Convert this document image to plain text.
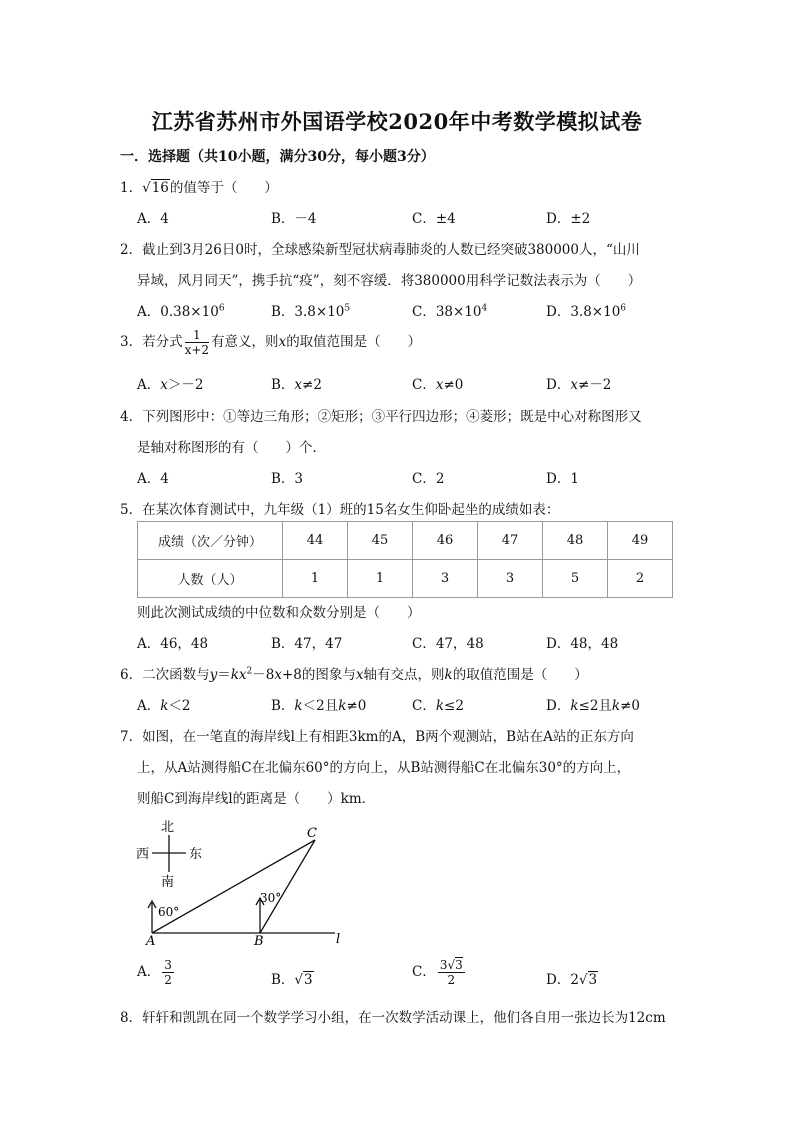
江苏省苏州市外国语学校2020年中考数学模拟试卷
一．选择题（共10小题，满分30分，每小题3分）
1．√16的值等于（　　）
A．4	B．－4	C．±4	D．±2
2．截止到3月26日0时，全球感染新型冠状病毒肺炎的人数已经突破380000人，“山川
异域，风月同天”，携手抗“疫”，刻不容缓．将380000用科学记数法表示为（　　）
A．$0.38\times 10^6$	B．$3.8\times 10^5$	C．$38\times 10^4$	D．$3.8\times 10^6$
3．若分式 $\frac{1}{x+2}$ 有意义，则x的取值范围是（　　）
A．x＞－2	B．x≠2	C．x≠0	D．x≠－2
4．下列图形中：①等边三角形；②矩形；③平行四边形；④菱形；既是中心对称图形又
是轴对称图形的有（　　）个．
A．4	B．3	C．2	D．1
5．在某次体育测试中，九年级（1）班的15名女生仰卧起坐的成绩如表：
成绩（次／分钟）	44	45	46	47	48	49
人数（人）	1	1	3	3	5	2
则此次测试成绩的中位数和众数分别是（　　）
A．46，48	B．47，47	C．47，48	D．48，48
6．二次函数与$y=kx^2-8x+8$的图象与x轴有交点，则k的取值范围是（　　）
A．k＜2	B．k＜2且k≠0	C．k≤2	D．k≤2且k≠0
7．如图，在一笔直的海岸线l上有相距3km的A，B两个观测站，B站在A站的正东方向
上，从A站测得船C在北偏东60°的方向上，从B站测得船C在北偏东30°的方向上，
则船C到海岸线l的距离是（　　）km．
北
南
西	东
60°
30°
A	B
C
l
A． $\frac{3}{2}$	B．√3	C． $\frac{3√3}{2}$	D．2√3
8．轩轩和凯凯在同一个数学学习小组，在一次数学活动课上，他们各自用一张边长为12cm
